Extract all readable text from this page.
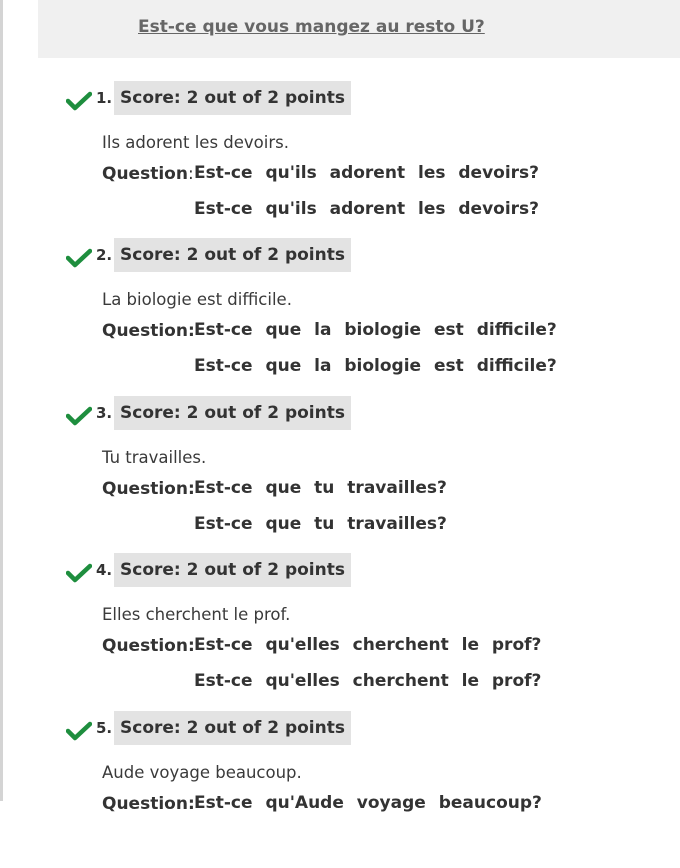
Est-ce que vous mangez au resto U?
1. Score: 2 out of 2 points
Ils adorent les devoirs.
Question: Est-ce qu'ils adorent les devoirs?
Est-ce qu'ils adorent les devoirs?
2. Score: 2 out of 2 points
La biologie est difficile.
Question: Est-ce que la biologie est difficile?
Est-ce que la biologie est difficile?
3. Score: 2 out of 2 points
Tu travailles.
Question: Est-ce que tu travailles?
Est-ce que tu travailles?
4. Score: 2 out of 2 points
Elles cherchent le prof.
Question: Est-ce qu'elles cherchent le prof?
Est-ce qu'elles cherchent le prof?
5. Score: 2 out of 2 points
Aude voyage beaucoup.
Question: Est-ce qu'Aude voyage beaucoup?
